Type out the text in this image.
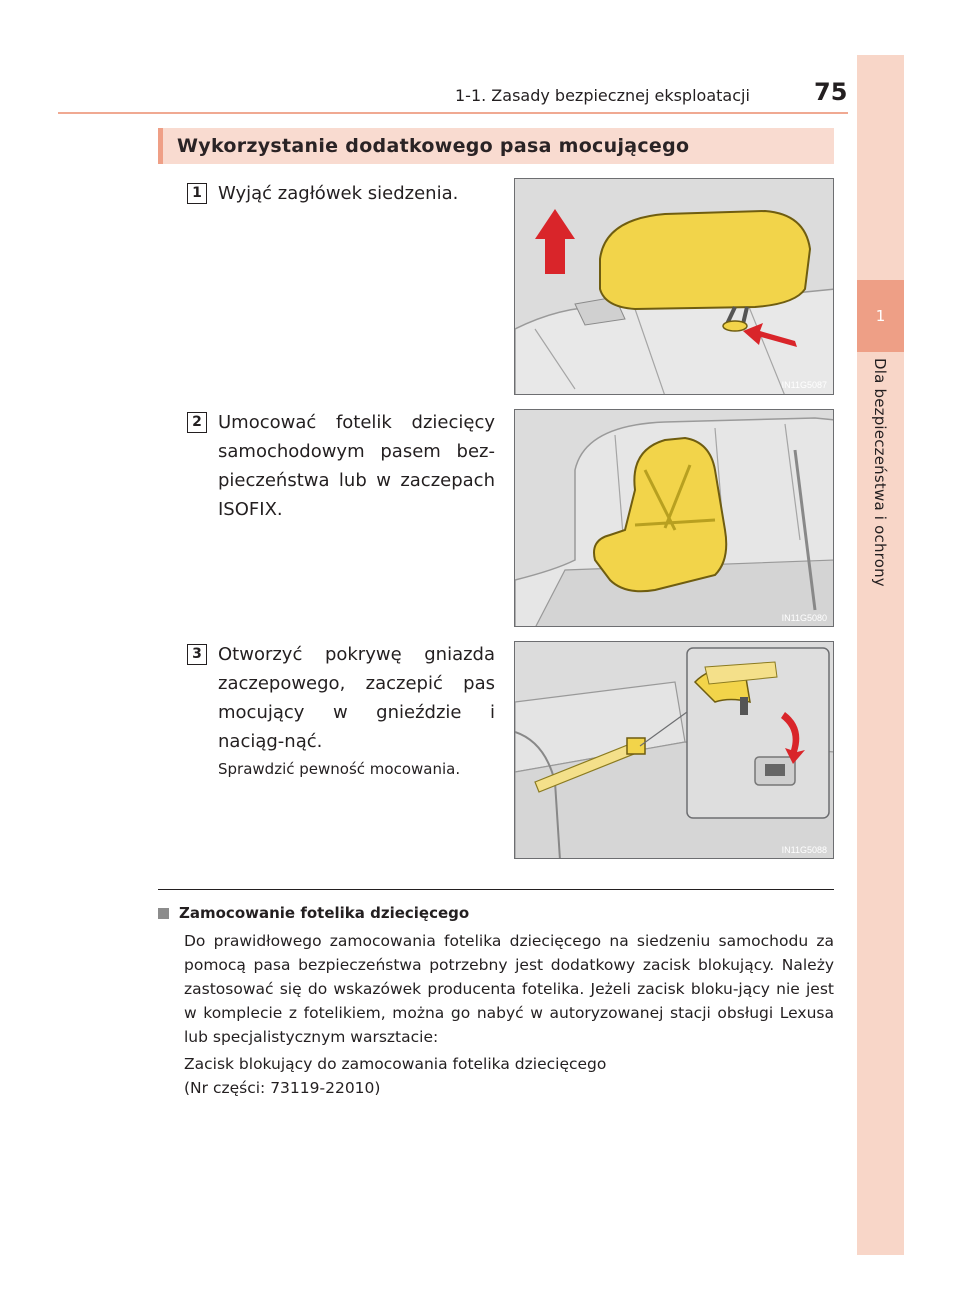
1
Dla bezpieczeństwa i ochrony
1-1. Zasady bezpiecznej eksploatacji	75
Wykorzystanie dodatkowego pasa mocującego
1 Wyjąć zagłówek siedzenia.
IN11G5087
2 Umocować fotelik dziecięcy samochodowym pasem bez-pieczeństwa lub w zaczepach ISOFIX.
IN11G5080
3 Otworzyć pokrywę gniazda zaczepowego, zaczepić pas mocujący w gnieździe i naciąg-nąć.
Sprawdzić pewność mocowania.
IN11G5088
Zamocowanie fotelika dziecięcego
Do prawidłowego zamocowania fotelika dziecięcego na siedzeniu samochodu za pomocą pasa bezpieczeństwa potrzebny jest dodatkowy zacisk blokujący. Należy zastosować się do wskazówek producenta fotelika. Jeżeli zacisk bloku-jący nie jest w komplecie z fotelikiem, można go nabyć w autoryzowanej stacji obsługi Lexusa lub specjalistycznym warsztacie:
Zacisk blokujący do zamocowania fotelika dziecięcego
(Nr części: 73119-22010)
